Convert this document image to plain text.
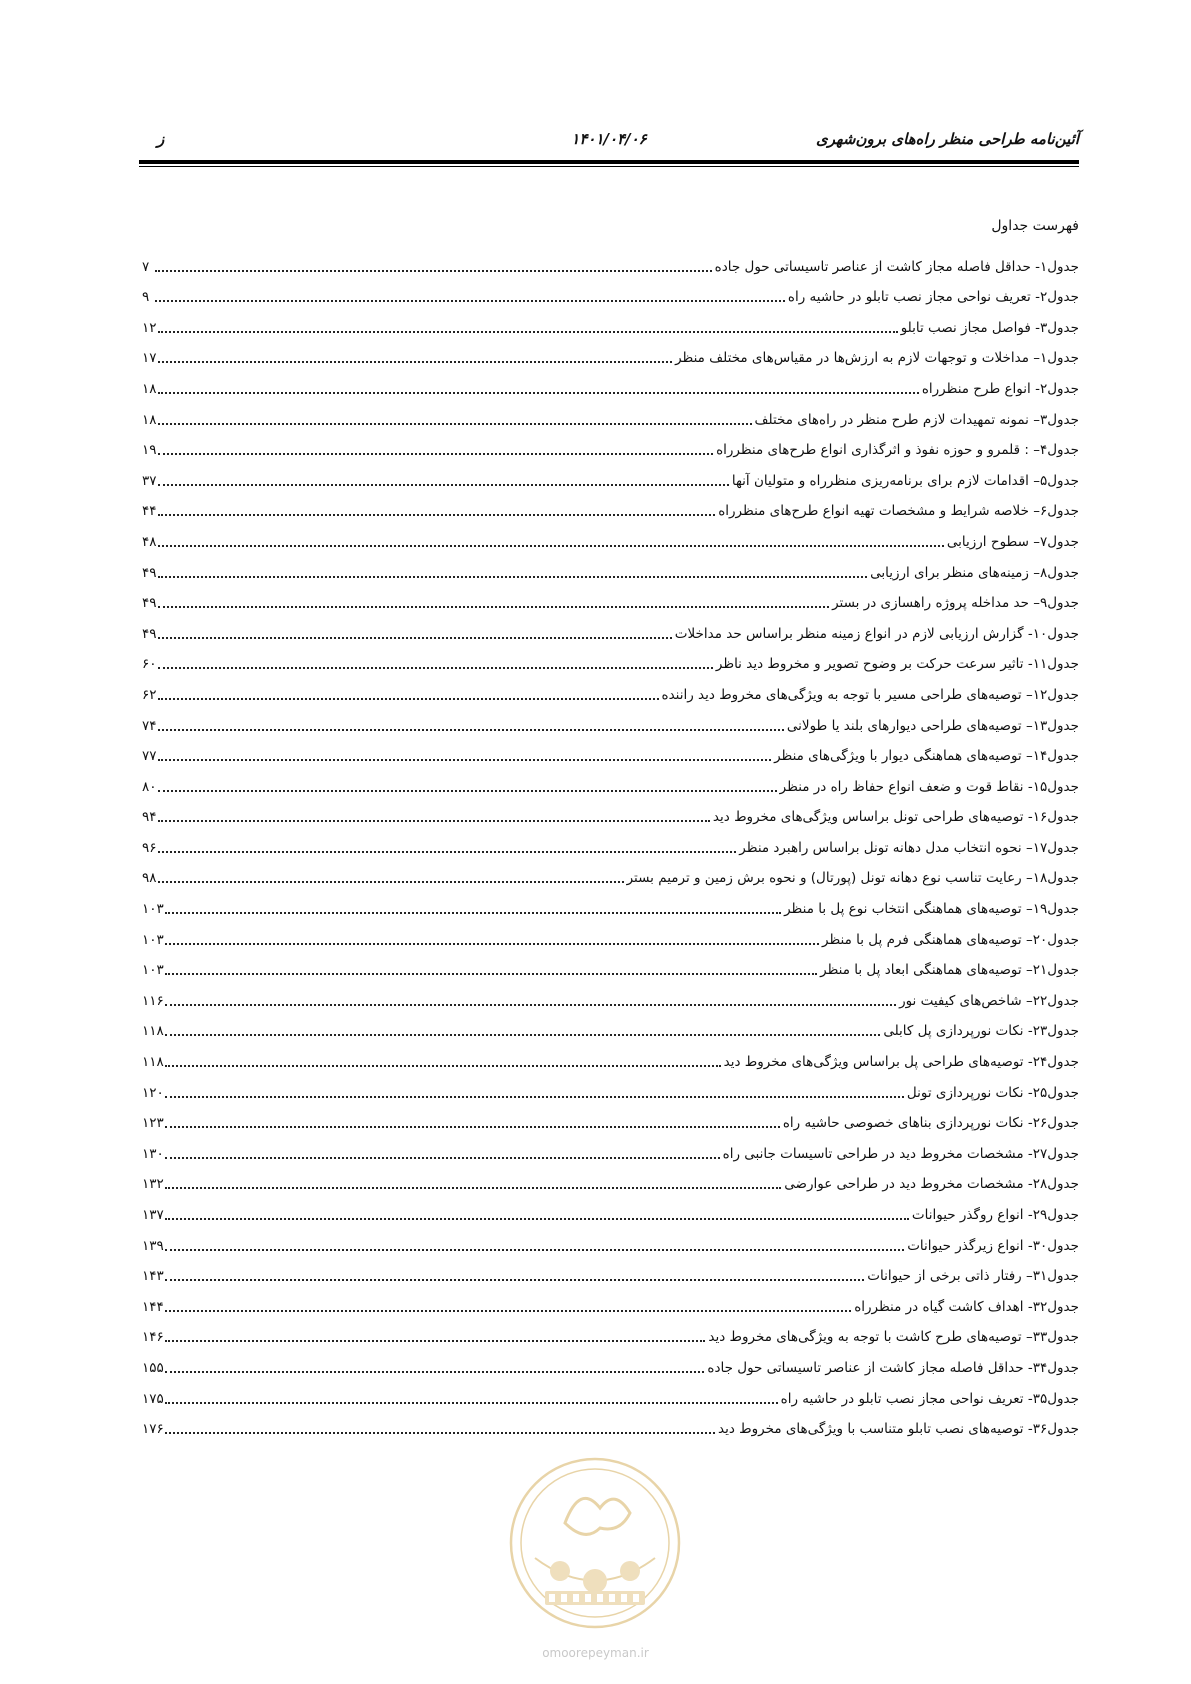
آئین‌نامه طراحی منظر راه‌های برون‌شهری
۱۴۰۱/۰۴/۰۶
ز
فهرست جداول
جدول۱- حداقل فاصله مجاز کاشت از عناصر تاسیساتی حول جاده
۷
جدول۲- تعریف نواحی مجاز نصب تابلو در حاشیه راه
۹
جدول۳- فواصل مجاز نصب تابلو
۱۲
جدول۱– مداخلات و توجهات لازم به ارزش‌ها در مقیاس‌های مختلف منظر
۱۷
جدول۲- انواع طرح منظرراه
۱۸
جدول۳– نمونه تمهیدات لازم طرح منظر در راه‌های مختلف
۱۸
جدول۴– : قلمرو و حوزه نفوذ و اثرگذاری انواع طرح‌های منظرراه
۱۹
جدول۵– اقدامات لازم برای برنامه‌ریزی منظرراه و متولیان آنها
۳۷
جدول۶– خلاصه شرایط و مشخصات تهیه انواع طرح‌های منظرراه
۴۴
جدول۷– سطوح ارزیابی
۴۸
جدول۸– زمینه‌های منظر برای ارزیابی
۴۹
جدول۹– حد مداخله پروژه راهسازی در بستر
۴۹
جدول۱۰- گزارش ارزیابی لازم در انواع زمینه منظر براساس حد مداخلات
۴۹
جدول۱۱- تاثیر سرعت حرکت بر وضوح تصویر و مخروط دید ناظر
۶۰
جدول۱۲– توصیه‌های طراحی مسیر با توجه به ویژگی‌های مخروط دید راننده
۶۲
جدول۱۳– توصیه‌های طراحی دیوارهای بلند یا طولانی
۷۴
جدول۱۴– توصیه‌های هماهنگی دیوار با ویژگی‌های منظر
۷۷
جدول۱۵- نقاط قوت و ضعف انواع حفاظ راه در منظر
۸۰
جدول۱۶- توصیه‌های طراحی تونل براساس ویژگی‌های مخروط دید
۹۴
جدول۱۷– نحوه انتخاب مدل دهانه تونل براساس راهبرد منظر
۹۶
جدول۱۸– رعایت تناسب نوع دهانه تونل (پورتال) و نحوه برش زمین و ترمیم بستر
۹۸
جدول۱۹– توصیه‌های هماهنگی انتخاب نوع پل با منظر
۱۰۳
جدول۲۰– توصیه‌های هماهنگی فرم پل با منظر
۱۰۳
جدول۲۱– توصیه‌های هماهنگی ابعاد پل با منظر
۱۰۳
جدول۲۲– شاخص‌های کیفیت نور
۱۱۶
جدول۲۳- نکات نورپردازی پل کابلی
۱۱۸
جدول۲۴- توصیه‌های طراحی پل براساس ویژگی‌های مخروط دید
۱۱۸
جدول۲۵- نکات نورپردازی تونل
۱۲۰
جدول۲۶- نکات نورپردازی بناهای خصوصی حاشیه راه
۱۲۳
جدول۲۷- مشخصات مخروط دید در طراحی تاسیسات جانبی راه
۱۳۰
جدول۲۸- مشخصات مخروط دید در طراحی عوارضی
۱۳۲
جدول۲۹- انواع روگذر حیوانات
۱۳۷
جدول۳۰- انواع زیرگذر حیوانات
۱۳۹
جدول۳۱– رفتار ذاتی برخی از حیوانات
۱۴۳
جدول۳۲- اهداف کاشت گیاه در منظرراه
۱۴۴
جدول۳۳– توصیه‌های طرح کاشت با توجه به ویژگی‌های مخروط دید
۱۴۶
جدول۳۴- حداقل فاصله مجاز کاشت از عناصر تاسیساتی حول جاده
۱۵۵
جدول۳۵- تعریف نواحی مجاز نصب تابلو در حاشیه راه
۱۷۵
جدول۳۶- توصیه‌های نصب تابلو متناسب با ویژگی‌های مخروط دید
۱۷۶
omoorepeyman.ir
